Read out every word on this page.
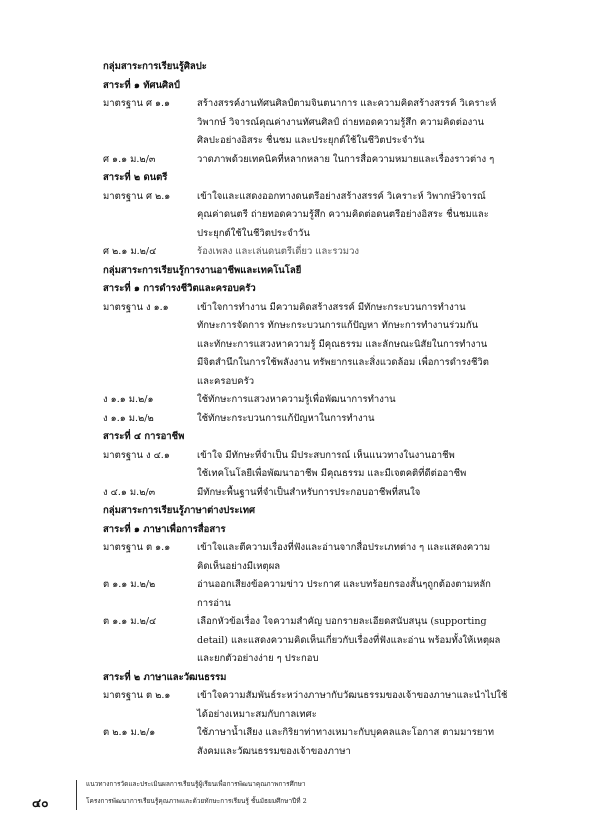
กลุ่มสาระการเรียนรู้ศิลปะ
สาระที่ ๑ ทัศนศิลป์
มาตรฐาน ศ ๑.๑	สร้างสรรค์งานทัศนศิลป์ตามจินตนาการ และความคิดสร้างสรรค์ วิเคราะห์
วิพากษ์ วิจารณ์คุณค่างานทัศนศิลป์ ถ่ายทอดความรู้สึก ความคิดต่องาน
ศิลปะอย่างอิสระ ชื่นชม และประยุกต์ใช้ในชีวิตประจำวัน
ศ ๑.๑ ม.๒/๓	วาดภาพด้วยเทคนิคที่หลากหลาย ในการสื่อความหมายและเรื่องราวต่าง ๆ
สาระที่ ๒ ดนตรี
มาตรฐาน ศ ๒.๑	เข้าใจและแสดงออกทางดนตรีอย่างสร้างสรรค์ วิเคราะห์ วิพากษ์วิจารณ์
คุณค่าดนตรี ถ่ายทอดความรู้สึก ความคิดต่อดนตรีอย่างอิสระ ชื่นชมและ
ประยุกต์ใช้ในชีวิตประจำวัน
ศ ๒.๑ ม.๒/๔	ร้องเพลง และเล่นดนตรีเดี่ยว และรวมวง
กลุ่มสาระการเรียนรู้การงานอาชีพและเทคโนโลยี
สาระที่ ๑ การดำรงชีวิตและครอบครัว
มาตรฐาน ง ๑.๑	เข้าใจการทำงาน มีความคิดสร้างสรรค์ มีทักษะกระบวนการทำงาน
ทักษะการจัดการ ทักษะกระบวนการแก้ปัญหา ทักษะการทำงานร่วมกัน
และทักษะการแสวงหาความรู้ มีคุณธรรม และลักษณะนิสัยในการทำงาน
มีจิตสำนึกในการใช้พลังงาน ทรัพยากรและสิ่งแวดล้อม เพื่อการดำรงชีวิต
และครอบครัว
ง ๑.๑ ม.๒/๑	ใช้ทักษะการแสวงหาความรู้เพื่อพัฒนาการทำงาน
ง ๑.๑ ม.๒/๒	ใช้ทักษะกระบวนการแก้ปัญหาในการทำงาน
สาระที่ ๔ การอาชีพ
มาตรฐาน ง ๔.๑	เข้าใจ มีทักษะที่จำเป็น มีประสบการณ์ เห็นแนวทางในงานอาชีพ
ใช้เทคโนโลยีเพื่อพัฒนาอาชีพ มีคุณธรรม และมีเจตคติที่ดีต่ออาชีพ
ง ๔.๑ ม.๒/๓	มีทักษะพื้นฐานที่จำเป็นสำหรับการประกอบอาชีพที่สนใจ
กลุ่มสาระการเรียนรู้ภาษาต่างประเทศ
สาระที่ ๑ ภาษาเพื่อการสื่อสาร
มาตรฐาน ต ๑.๑	เข้าใจและตีความเรื่องที่ฟังและอ่านจากสื่อประเภทต่าง ๆ และแสดงความ
คิดเห็นอย่างมีเหตุผล
ต ๑.๑ ม.๒/๒	อ่านออกเสียงข้อความข่าว ประกาศ และบทร้อยกรองสั้นๆถูกต้องตามหลัก
การอ่าน
ต ๑.๑ ม.๒/๔	เลือกหัวข้อเรื่อง ใจความสำคัญ บอกรายละเอียดสนับสนุน (supporting
detail) และแสดงความคิดเห็นเกี่ยวกับเรื่องที่ฟังและอ่าน พร้อมทั้งให้เหตุผล
และยกตัวอย่างง่าย ๆ ประกอบ
สาระที่ ๒ ภาษาและวัฒนธรรม
มาตรฐาน ต ๒.๑	เข้าใจความสัมพันธ์ระหว่างภาษากับวัฒนธรรมของเจ้าของภาษาและนำไปใช้
ได้อย่างเหมาะสมกับกาลเทศะ
ต ๒.๑ ม.๒/๑	ใช้ภาษาน้ำเสียง และกิริยาท่าทางเหมาะกับบุคคลและโอกาส ตามมารยาท
สังคมและวัฒนธรรมของเจ้าของภาษา
๔๐
แนวทางการวัดและประเมินผลการเรียนรู้ผู้เรียนเพื่อการพัฒนาคุณภาพการศึกษา
โครงการพัฒนาการเรียนรู้คุณภาพและด้วยทักษะการเรียนรู้ ชั้นมัธยมศึกษาปีที่ 2
